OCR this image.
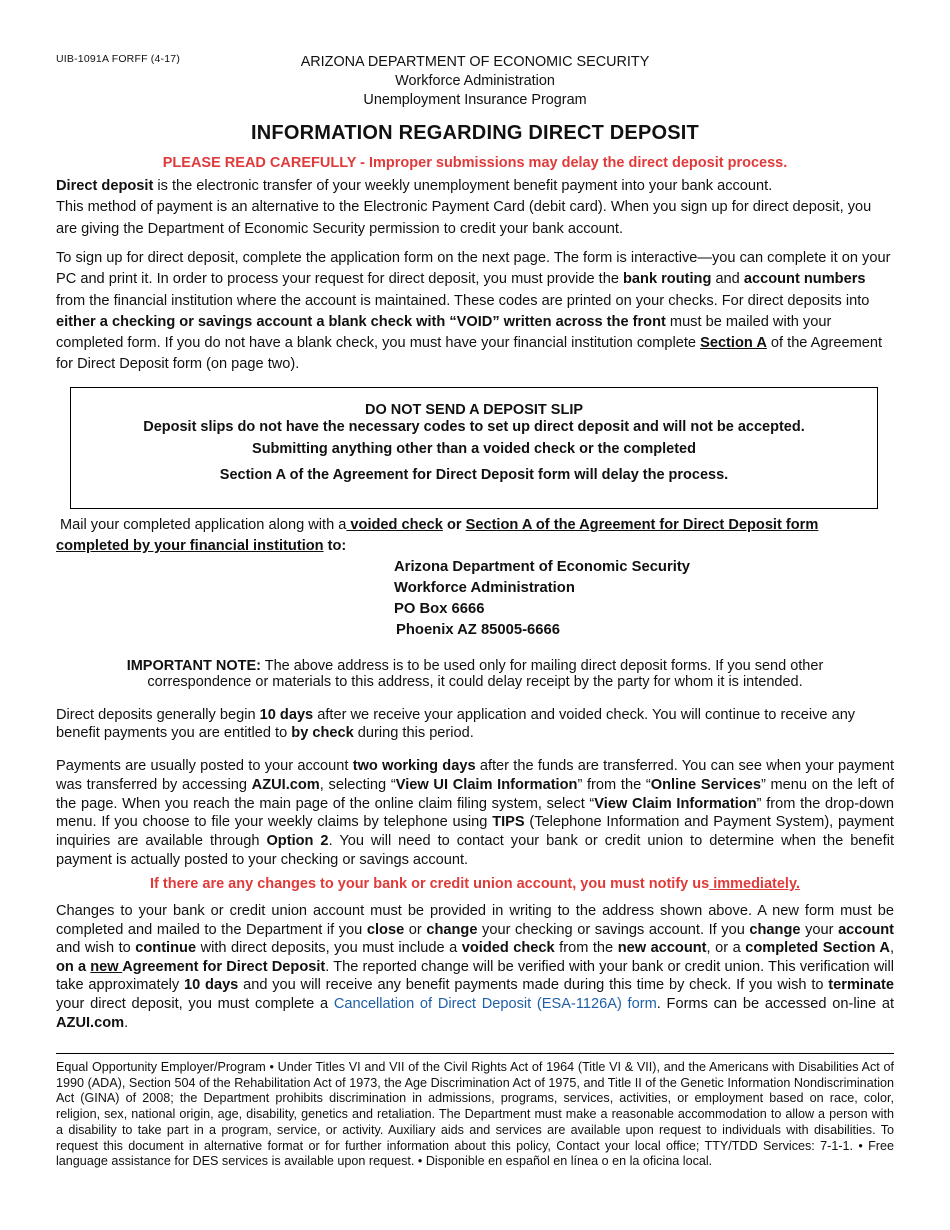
UIB-1091A FORFF (4-17)	ARIZONA DEPARTMENT OF ECONOMIC SECURITY
Workforce Administration
Unemployment Insurance Program
INFORMATION REGARDING DIRECT DEPOSIT
PLEASE READ CAREFULLY - Improper submissions may delay the direct deposit process.
Direct deposit is the electronic transfer of your weekly unemployment benefit payment into your bank account.
This method of payment is an alternative to the Electronic Payment Card (debit card). When you sign up for direct deposit, you are giving the Department of Economic Security permission to credit your bank account.
To sign up for direct deposit, complete the application form on the next page. The form is interactive—you can complete it on your PC and print it. In order to process your request for direct deposit, you must provide the bank routing and account numbers from the financial institution where the account is maintained. These codes are printed on your checks. For direct deposits into either a checking or savings account a blank check with “VOID” written across the front must be mailed with your completed form. If you do not have a blank check, you must have your financial institution complete Section A of the Agreement for Direct Deposit form (on page two).
DO NOT SEND A DEPOSIT SLIP
Deposit slips do not have the necessary codes to set up direct deposit and will not be accepted.
Submitting anything other than a voided check or the completed
Section A of the Agreement for Direct Deposit form will delay the process.
Mail your completed application along with a voided check or Section A of the Agreement for Direct Deposit form
completed by your financial institution to:
Arizona Department of Economic Security
Workforce Administration
PO Box 6666
Phoenix AZ 85005-6666
IMPORTANT NOTE: The above address is to be used only for mailing direct deposit forms. If you send other
correspondence or materials to this address, it could delay receipt by the party for whom it is intended.
Direct deposits generally begin 10 days after we receive your application and voided check. You will continue to receive any benefit payments you are entitled to by check during this period.
Payments are usually posted to your account two working days after the funds are transferred. You can see when your payment was transferred by accessing AZUI.com, selecting “View UI Claim Information” from the “Online Services” menu on the left of the page. When you reach the main page of the online claim filing system, select “View Claim Information” from the drop-down menu. If you choose to file your weekly claims by telephone using TIPS (Telephone Information and Payment System), payment inquiries are available through Option 2. You will need to contact your bank or credit union to determine when the benefit payment is actually posted to your checking or savings account.
If there are any changes to your bank or credit union account, you must notify us immediately.
Changes to your bank or credit union account must be provided in writing to the address shown above. A new form must be completed and mailed to the Department if you close or change your checking or savings account. If you change your account and wish to continue with direct deposits, you must include a voided check from the new account, or a completed Section A, on a new Agreement for Direct Deposit. The reported change will be verified with your bank or credit union. This verification will take approximately 10 days and you will receive any benefit payments made during this time by check. If you wish to terminate your direct deposit, you must complete a Cancellation of Direct Deposit (ESA-1126A) form. Forms can be accessed on-line at AZUI.com.
Equal Opportunity Employer/Program • Under Titles VI and VII of the Civil Rights Act of 1964 (Title VI & VII), and the Americans with Disabilities Act of 1990 (ADA), Section 504 of the Rehabilitation Act of 1973, the Age Discrimination Act of 1975, and Title II of the Genetic Information Nondiscrimination Act (GINA) of 2008; the Department prohibits discrimination in admissions, programs, services, activities, or employment based on race, color, religion, sex, national origin, age, disability, genetics and retaliation. The Department must make a reasonable accommodation to allow a person with a disability to take part in a program, service, or activity. Auxiliary aids and services are available upon request to individuals with disabilities. To request this document in alternative format or for further information about this policy, Contact your local office; TTY/TDD Services: 7-1-1. • Free language assistance for DES services is available upon request. • Disponible en español en línea o en la oficina local.
